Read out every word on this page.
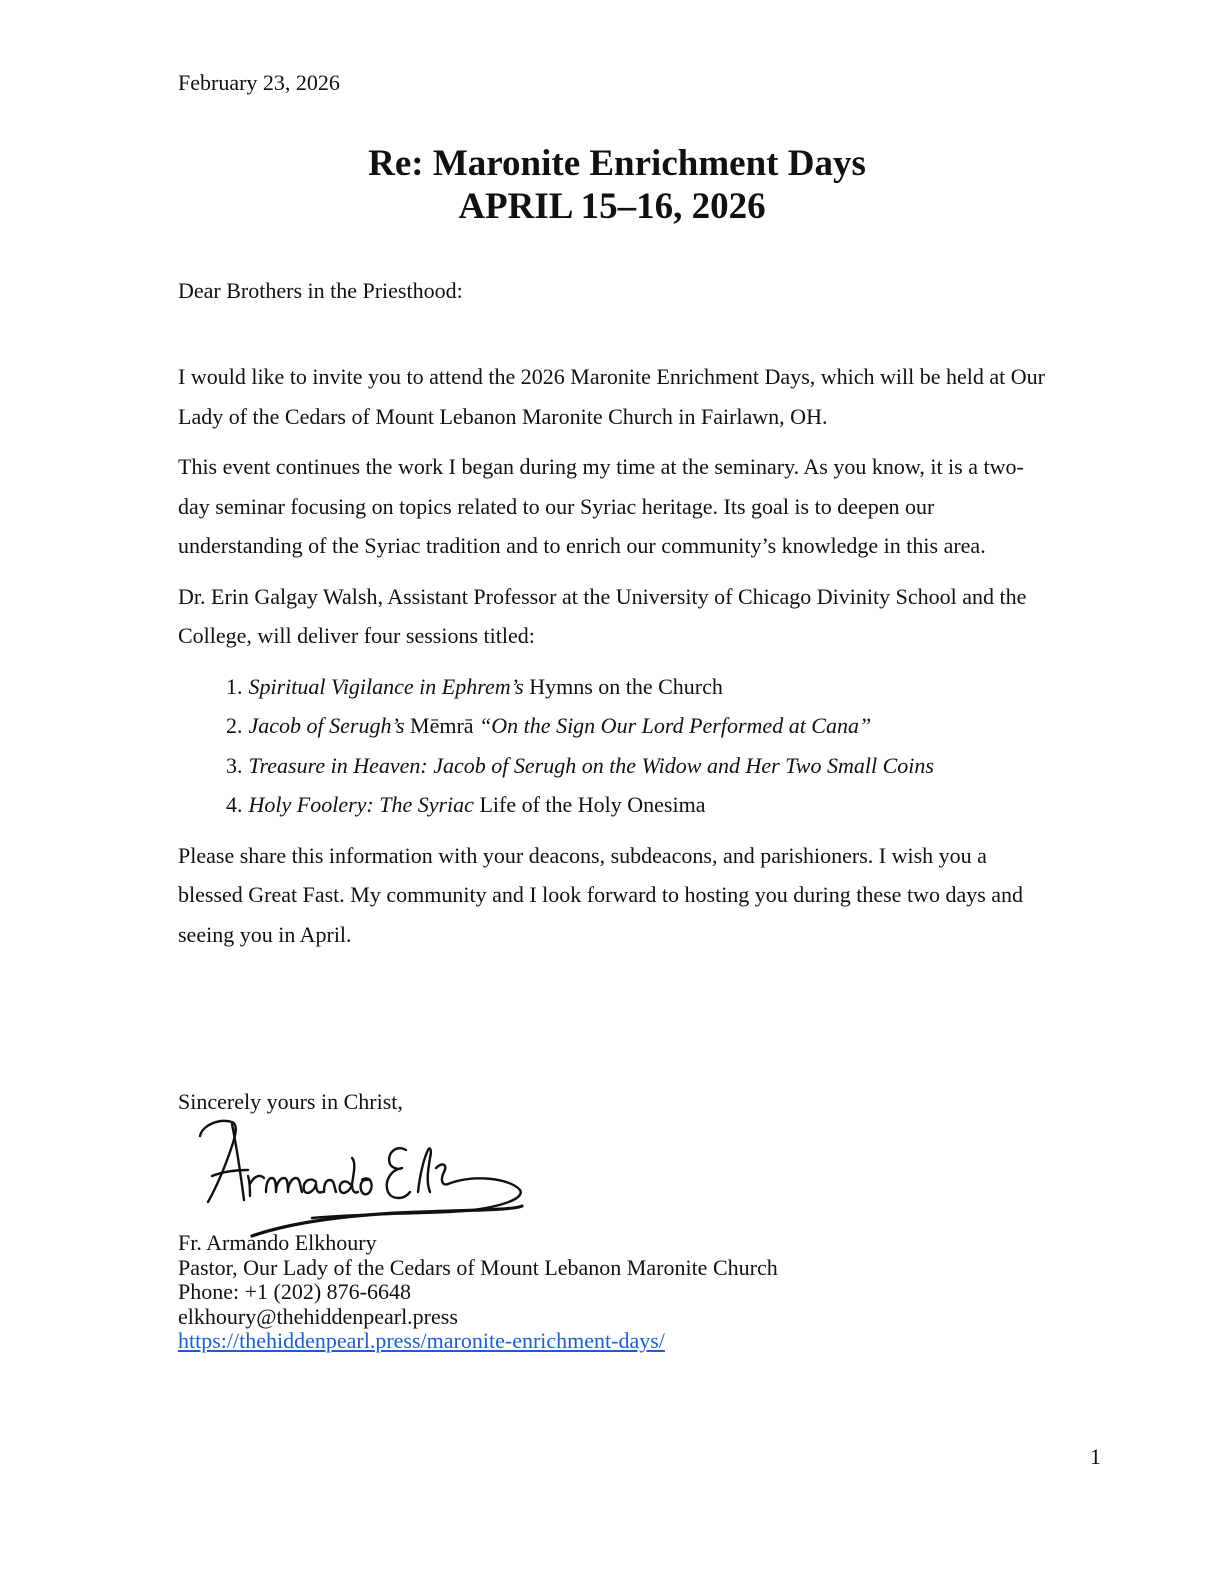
February 23, 2026
Re: Maronite Enrichment Days
APRIL 15–16, 2026
Dear Brothers in the Priesthood:

I would like to invite you to attend the 2026 Maronite Enrichment Days, which will be held at Our Lady of the Cedars of Mount Lebanon Maronite Church in Fairlawn, OH.

This event continues the work I began during my time at the seminary. As you know, it is a two-day seminar focusing on topics related to our Syriac heritage. Its goal is to deepen our understanding of the Syriac tradition and to enrich our community’s knowledge in this area.

Dr. Erin Galgay Walsh, Assistant Professor at the University of Chicago Divinity School and the College, will deliver four sessions titled:

1. Spiritual Vigilance in Ephrem’s Hymns on the Church
2. Jacob of Serugh’s Mēmrā “On the Sign Our Lord Performed at Cana”
3. Treasure in Heaven: Jacob of Serugh on the Widow and Her Two Small Coins
4. Holy Foolery: The Syriac Life of the Holy Onesima

Please share this information with your deacons, subdeacons, and parishioners. I wish you a blessed Great Fast. My community and I look forward to hosting you during these two days and seeing you in April.

Sincerely yours in Christ,
Fr. Armando Elkhoury
Pastor, Our Lady of the Cedars of Mount Lebanon Maronite Church
Phone: +1 (202) 876-6648
elkhoury@thehiddenpearl.press
https://thehiddenpearl.press/maronite-enrichment-days/
1
